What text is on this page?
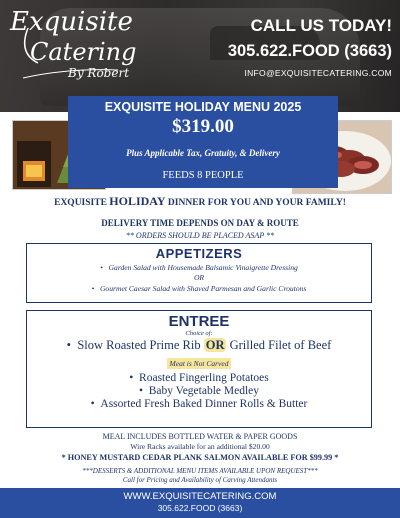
Exquisite
Catering
By Robert
CALL US TODAY!
305.622.FOOD (3663)
INFO@EXQUISITECATERING.COM
EXQUISITE HOLIDAY MENU 2025
$319.00
Plus Applicable Tax, Gratuity, & Delivery
FEEDS 8 PEOPLE
EXQUISITE HOLIDAY DINNER FOR YOU AND YOUR FAMILY!
DELIVERY TIME DEPENDS ON DAY & ROUTE
** ORDERS SHOULD BE PLACED ASAP **
APPETIZERS
•   Garden Salad with Housemade Balsamic Vinaigrette Dressing
OR
•   Gourmet Caesar Salad with Shaved Parmesan and Garlic Croutons
ENTREE
Choice of:
•  Slow Roasted Prime Rib OR Grilled Filet of Beef
Meat is Not Carved
•  Roasted Fingerling Potatoes
•  Baby Vegetable Medley
•  Assorted Fresh Baked Dinner Rolls & Butter
MEAL INCLUDES BOTTLED WATER & PAPER GOODS
Wire Racks available for an additional $20.00
* HONEY MUSTARD CEDAR PLANK SALMON AVAILABLE FOR $99.99 *
***DESSERTS & ADDITIONAL MENU ITEMS AVAILABLE UPON REQUEST***
Call for Pricing and Availability of Carving Attendants
WWW.EXQUISITECATERING.COM
305.622.FOOD (3663)
